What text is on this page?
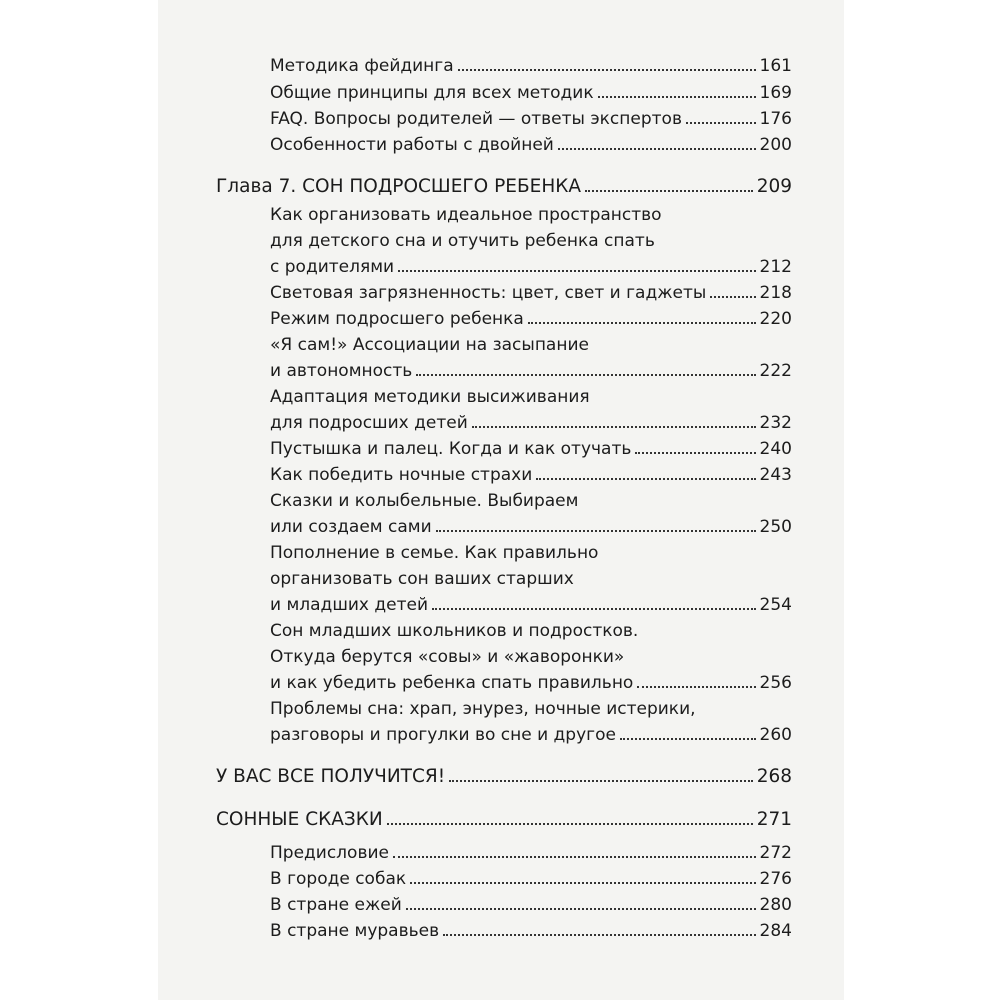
Методика фейдинга	161
Общие принципы для всех методик	169
FAQ. Вопросы родителей — ответы экспертов	176
Особенности работы с двойней	200
Глава 7. СОН ПОДРОСШЕГО РЕБЕНКА	209
Как организовать идеальное пространство
для детского сна и отучить ребенка спать
с родителями	212
Световая загрязненность: цвет, свет и гаджеты	218
Режим подросшего ребенка	220
«Я сам!» Ассоциации на засыпание
и автономность	222
Адаптация методики высиживания
для подросших детей	232
Пустышка и палец. Когда и как отучать	240
Как победить ночные страхи	243
Сказки и колыбельные. Выбираем
или создаем сами	250
Пополнение в семье. Как правильно
организовать сон ваших старших
и младших детей	254
Сон младших школьников и подростков.
Откуда берутся «совы» и «жаворонки»
и как убедить ребенка спать правильно	256
Проблемы сна: храп, энурез, ночные истерики,
разговоры и прогулки во сне и другое	260
У ВАС ВСЕ ПОЛУЧИТСЯ!	268
СОННЫЕ СКАЗКИ	271
Предисловие	272
В городе собак	276
В стране ежей	280
В стране муравьев	284
